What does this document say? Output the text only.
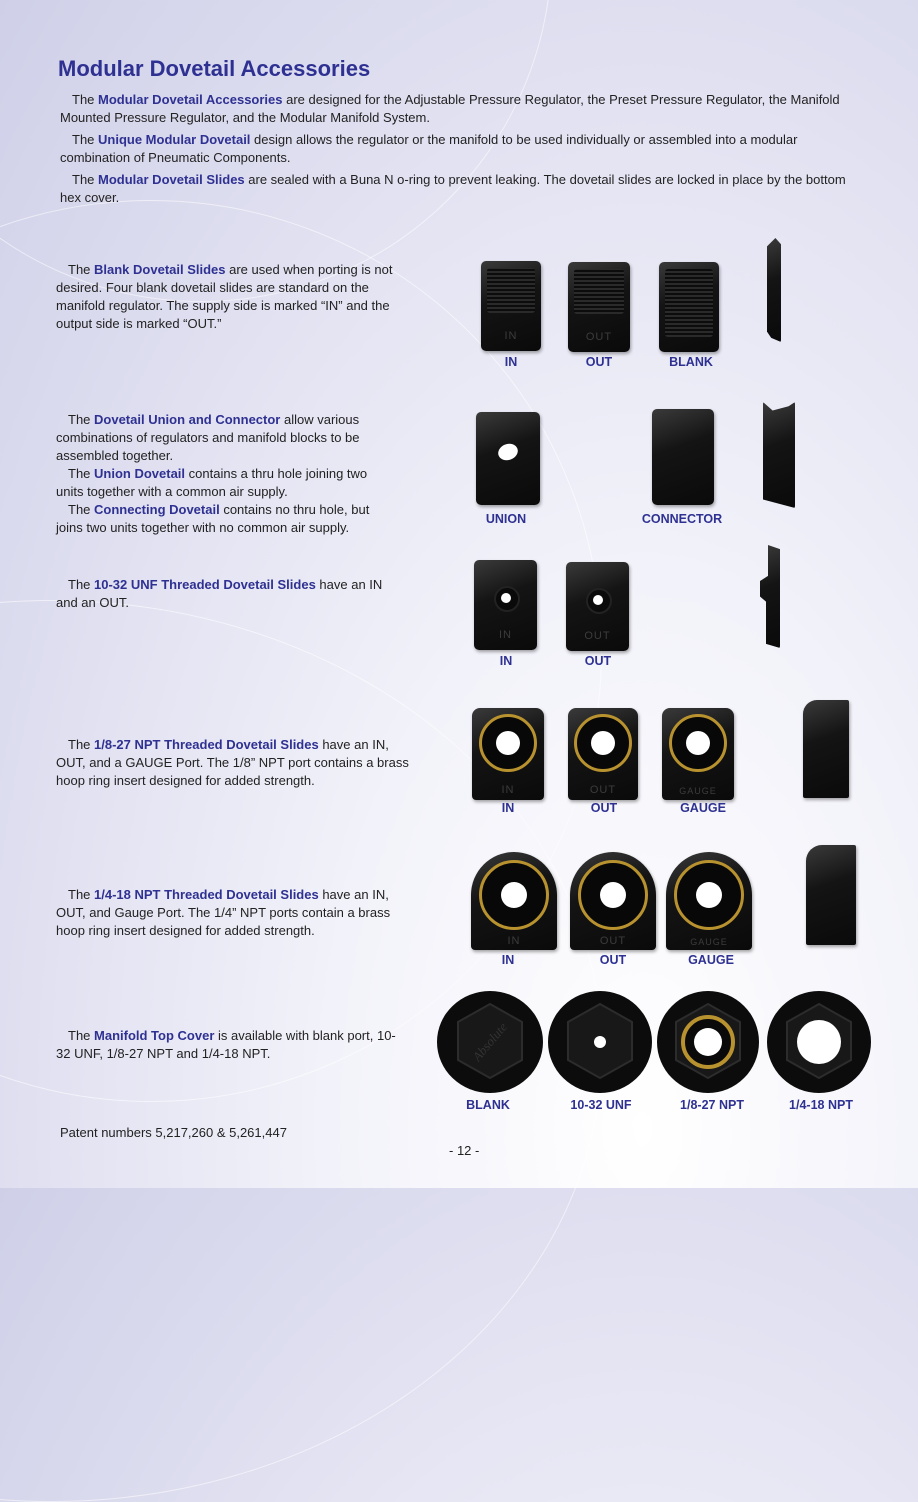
Modular Dovetail Accessories

The Modular Dovetail Accessories are designed for the Adjustable Pressure Regulator, the Preset Pressure Regulator, the Manifold Mounted Pressure Regulator, and the Modular Manifold System.

The Unique Modular Dovetail design allows the regulator or the manifold to be used individually or assembled into a modular combination of Pneumatic Components.

The Modular Dovetail Slides are sealed with a Buna N o-ring to prevent leaking. The dovetail slides are locked in place by the bottom hex cover.

The Blank Dovetail Slides are used when porting is not desired. Four blank dovetail slides are standard on the manifold regulator. The supply side is marked “IN” and the output side is marked “OUT.”

IN	OUT
IN	OUT	BLANK
The Dovetail Union and Connector allow various combinations of regulators and manifold blocks to be assembled together.
The Union Dovetail contains a thru hole joining two units together with a common air supply.
The Connecting Dovetail contains no thru hole, but joins two units together with no common air supply.
UNION	CONNECTOR

The 10-32 UNF Threaded Dovetail Slides have an IN and an OUT.

IN	OUT
IN	OUT

The 1/8-27 NPT Threaded Dovetail Slides have an IN, OUT, and a GAUGE Port. The 1/8” NPT port contains a brass hoop ring insert designed for added strength.

IN	OUT	GAUGE
IN	OUT	GAUGE

The 1/4-18 NPT Threaded Dovetail Slides have an IN, OUT, and Gauge Port. The 1/4” NPT ports contain a brass hoop ring insert designed for added strength.

IN	OUT	GAUGE
IN	OUT	GAUGE

The Manifold Top Cover is available with blank port, 10-32 UNF, 1/8-27 NPT and 1/4-18 NPT.	Absolute
BLANK	10-32 UNF	1/8-27 NPT	1/4-18 NPT
Patent numbers 5,217,260 & 5,261,447
- 12 -
